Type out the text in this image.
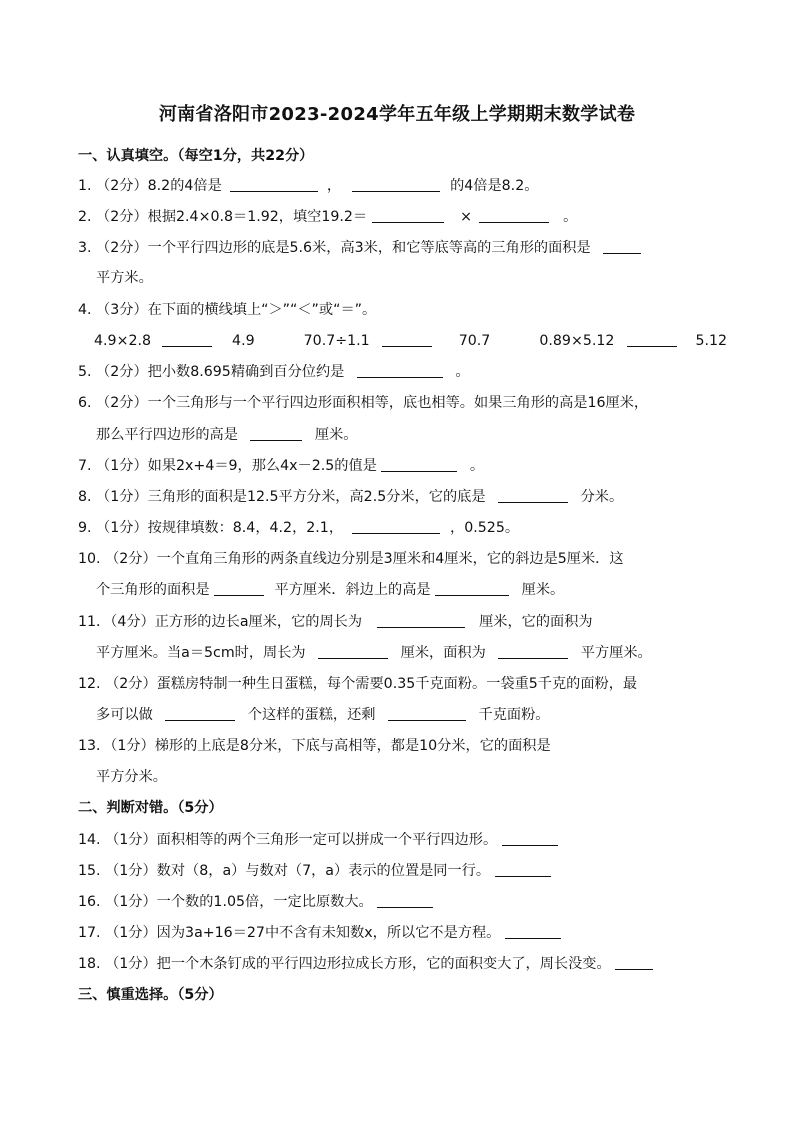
河南省洛阳市2023-2024学年五年级上学期期末数学试卷
一、认真填空。（每空1分，共22分）
1. （2分）8.2的4倍是	，	的4倍是8.2。
2. （2分）根据2.4×0.8＝1.92，填空19.2＝	×	。
3. （2分）一个平行四边形的底是5.6米，高3米，和它等底等高的三角形的面积是
平方米。
4. （3分）在下面的横线填上“＞”“＜”或“＝”。
4.9×2.8	4.9	70.7÷1.1	70.7	0.89×5.12	5.12
5. （2分）把小数8.695精确到百分位约是	。
6. （2分）一个三角形与一个平行四边形面积相等，底也相等。如果三角形的高是16厘米，
那么平行四边形的高是	厘米。
7. （1分）如果2x+4＝9，那么4x－2.5的值是	。
8. （1分）三角形的面积是12.5平方分米，高2.5分米，它的底是	分米。
9. （1分）按规律填数：8.4，4.2，2.1，	，0.525。
10. （2分）一个直角三角形的两条直线边分别是3厘米和4厘米，它的斜边是5厘米．这
个三角形的面积是	平方厘米．斜边上的高是	厘米。
11．（4分）正方形的边长a厘米，它的周长为	厘米，它的面积为
平方厘米。当a＝5cm时，周长为	厘米，面积为	平方厘米。
12. （2分）蛋糕房特制一种生日蛋糕，每个需要0.35千克面粉。一袋重5千克的面粉，最
多可以做	个这样的蛋糕，还剩	千克面粉。
13．（1分）梯形的上底是8分米，下底与高相等，都是10分米，它的面积是
平方分米。
二、判断对错。（5分）
14. （1分）面积相等的两个三角形一定可以拼成一个平行四边形。
15. （1分）数对（8，a）与数对（7，a）表示的位置是同一行。
16. （1分）一个数的1.05倍，一定比原数大。
17. （1分）因为3a+16＝27中不含有未知数x，所以它不是方程。
18. （1分）把一个木条钉成的平行四边形拉成长方形，它的面积变大了，周长没变。
三、慎重选择。（5分）
